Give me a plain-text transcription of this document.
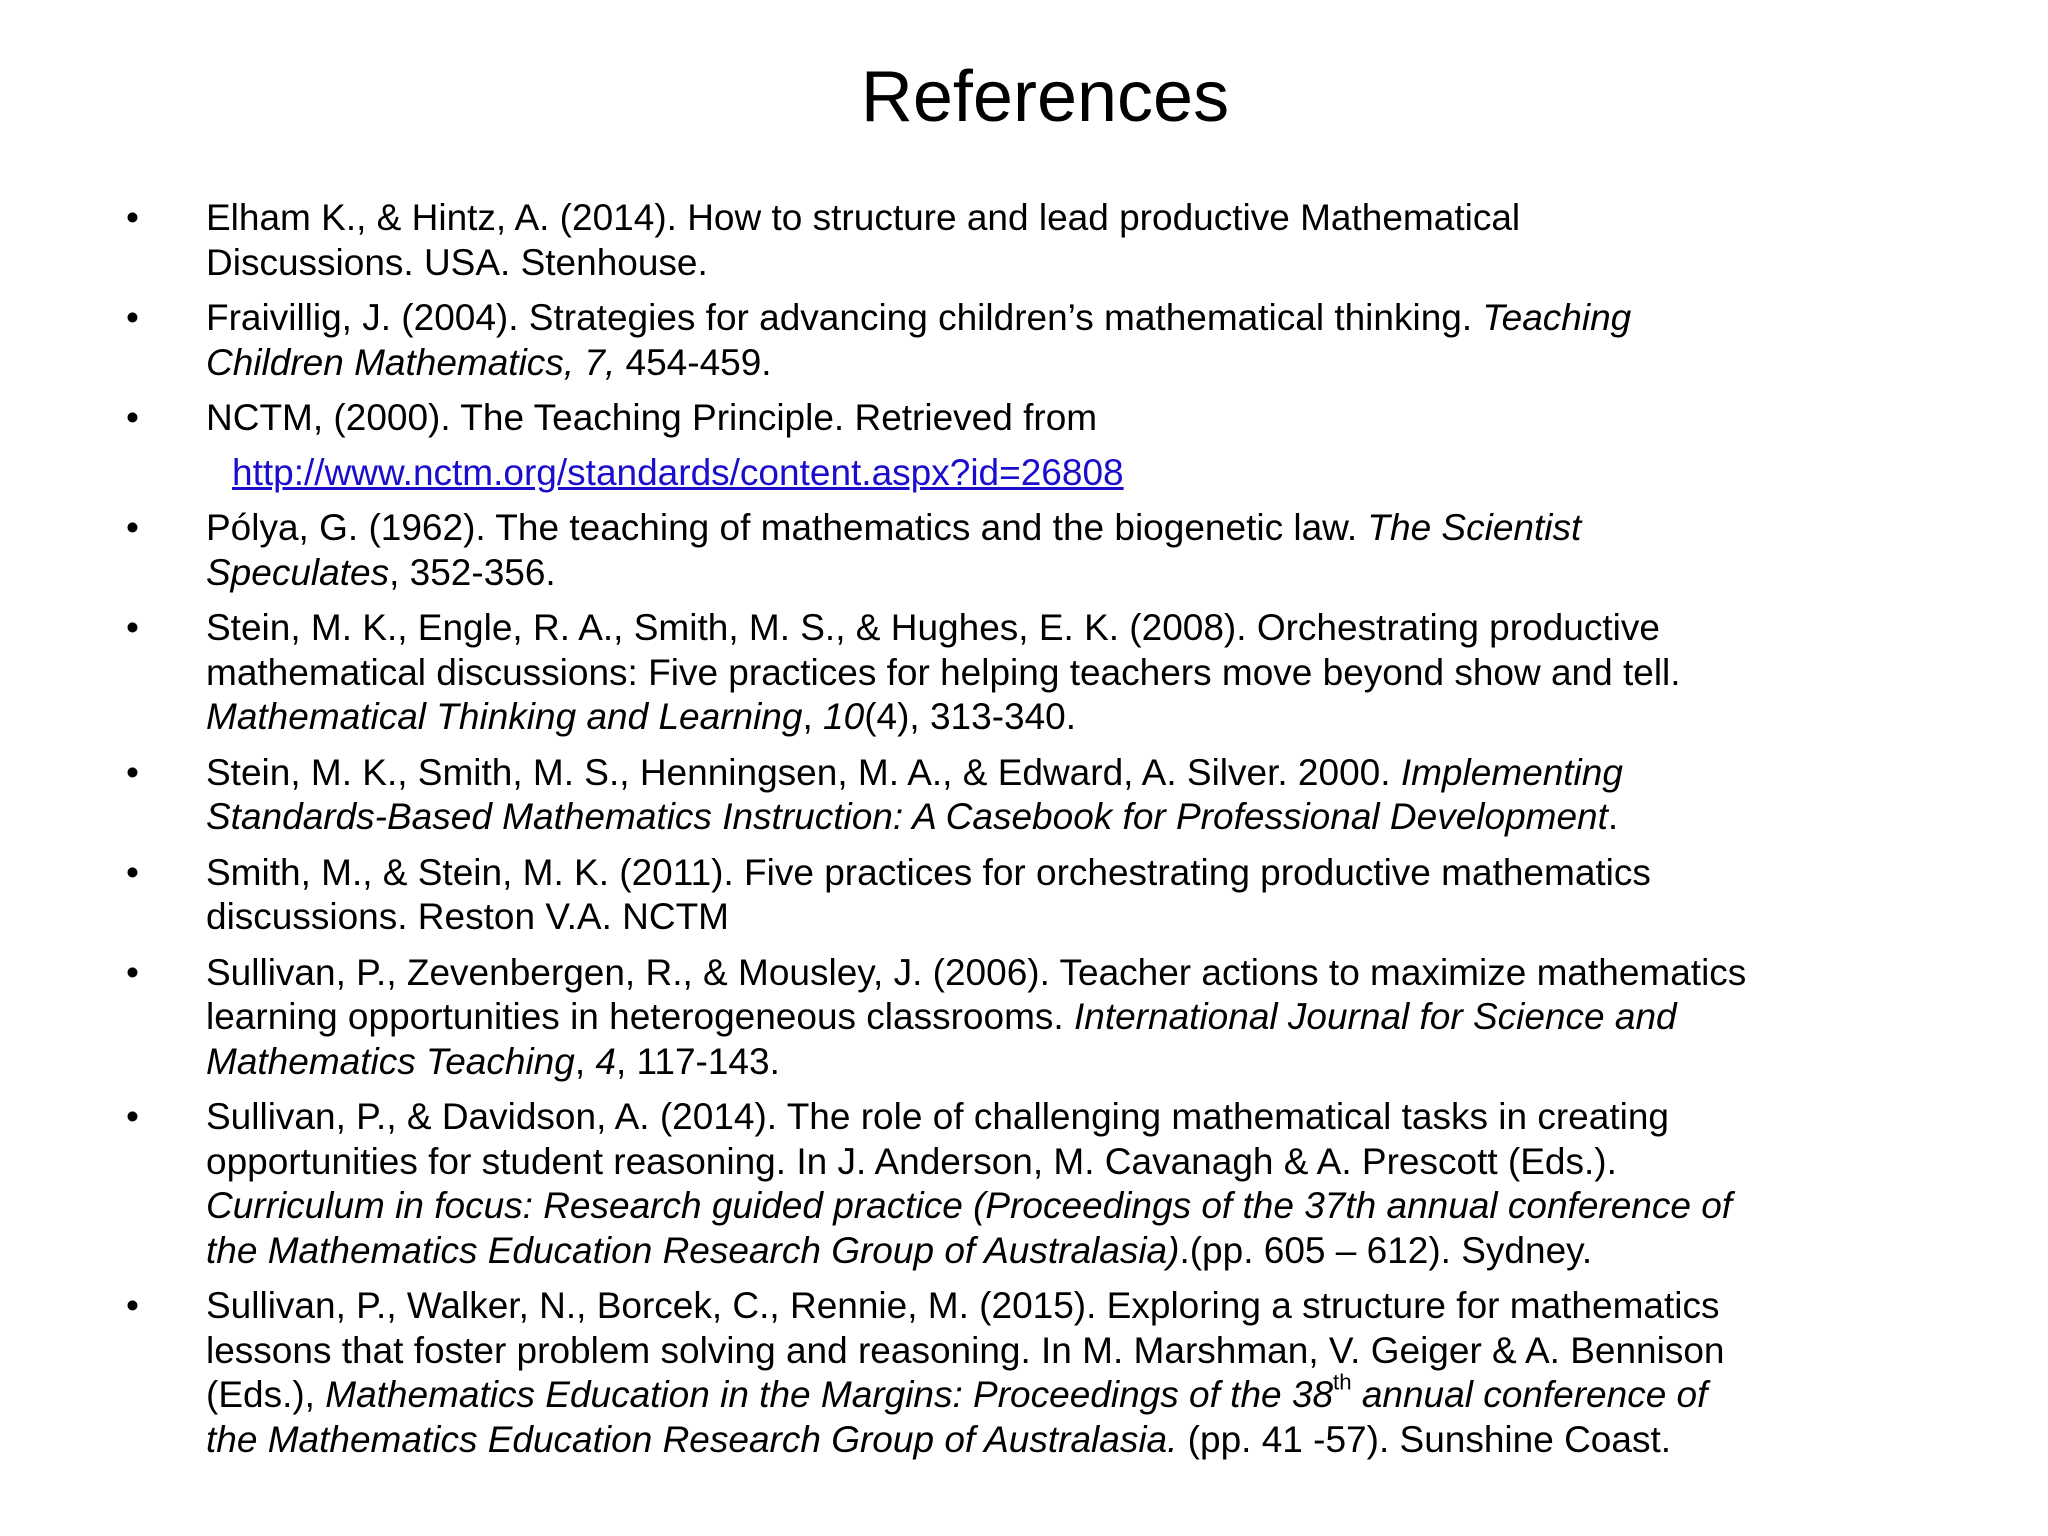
References
• Elham K., & Hintz, A. (2014). How to structure and lead productive Mathematical
Discussions. USA. Stenhouse.
• Fraivillig, J. (2004). Strategies for advancing children’s mathematical thinking. Teaching
Children Mathematics, 7, 454-459.
• NCTM, (2000). The Teaching Principle. Retrieved from
http://www.nctm.org/standards/content.aspx?id=26808
• Pólya, G. (1962). The teaching of mathematics and the biogenetic law. The Scientist
Speculates, 352-356.
• Stein, M. K., Engle, R. A., Smith, M. S., & Hughes, E. K. (2008). Orchestrating productive
mathematical discussions: Five practices for helping teachers move beyond show and tell.
Mathematical Thinking and Learning, 10(4), 313-340.
• Stein, M. K., Smith, M. S., Henningsen, M. A., & Edward, A. Silver. 2000. Implementing
Standards-Based Mathematics Instruction: A Casebook for Professional Development.
• Smith, M., & Stein, M. K. (2011). Five practices for orchestrating productive mathematics
discussions. Reston V.A. NCTM
• Sullivan, P., Zevenbergen, R., & Mousley, J. (2006). Teacher actions to maximize mathematics
learning opportunities in heterogeneous classrooms. International Journal for Science and
Mathematics Teaching, 4, 117-143.
• Sullivan, P., & Davidson, A. (2014). The role of challenging mathematical tasks in creating
opportunities for student reasoning. In J. Anderson, M. Cavanagh & A. Prescott (Eds.).
Curriculum in focus: Research guided practice (Proceedings of the 37th annual conference of
the Mathematics Education Research Group of Australasia).(pp. 605 – 612). Sydney.
• Sullivan, P., Walker, N., Borcek, C., Rennie, M. (2015). Exploring a structure for mathematics
lessons that foster problem solving and reasoning. In M. Marshman, V. Geiger & A. Bennison
(Eds.), Mathematics Education in the Margins: Proceedings of the 38th annual conference of
the Mathematics Education Research Group of Australasia. (pp. 41 -57). Sunshine Coast.
